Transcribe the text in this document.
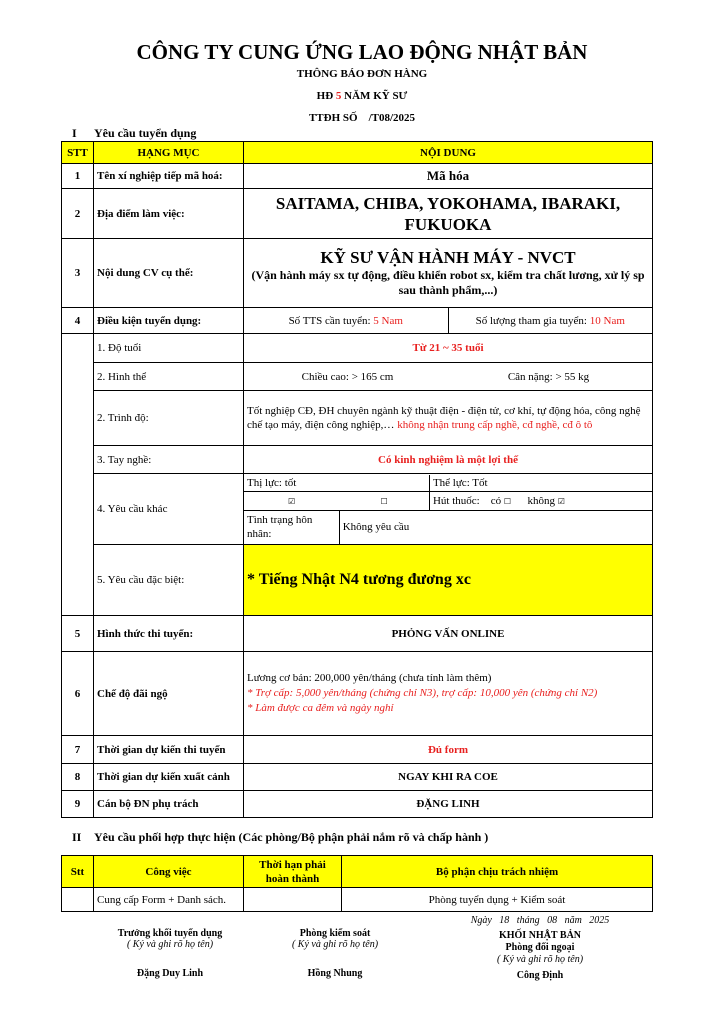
CÔNG TY CUNG ỨNG LAO ĐỘNG NHẬT BẢN
THÔNG BÁO ĐƠN HÀNG
HĐ 5 NĂM KỸ SƯ
TTĐH SỐ    /T08/2025
I Yêu cầu tuyển dụng
STT	HẠNG MỤC	NỘI DUNG
1	Tên xí nghiệp tiếp mã hoá:	Mã hóa
2	Địa điểm làm việc:	SAITAMA, CHIBA, YOKOHAMA, IBARAKI, FUKUOKA
3	Nội dung CV cụ thể:	
KỸ SƯ VẬN HÀNH MÁY - NVCT
(Vận hành máy sx tự động, điều khiển robot sx, kiểm tra chất lương, xử lý sp sau thành phẩm,...)

4	Điều kiện tuyển dụng:		Số TTS cần tuyển: 5 Nam	Số lượng tham gia tuyển: 10 Nam

	1. Độ tuổi	Từ 21 ~ 35 tuổi
2. Hình thể		Chiều cao: > 165 cm	Cân nặng: > 55 kg

2. Trình độ:	Tốt nghiệp CĐ, ĐH chuyên ngành kỹ thuật điện - điện tử, cơ khí, tự động hóa, công nghệ chế tạo máy, điện công nghiệp,… không nhận trung cấp nghề, cđ nghề, cđ ô tô
3. Tay nghề:	Có kinh nghiệm là một lợi thế
4. Yêu cầu khác	
Thị lực: tốt	Thể lực: Tốt
☑	☐	Hút thuốc: có ☐ không ☑
Tình trạng hôn nhân:	Không yêu cầu

5. Yêu cầu đặc biệt:	* Tiếng Nhật N4 tương đương xc
5	Hình thức thi tuyển:	PHỎNG VẤN ONLINE
6	Chế độ đãi ngộ	
Lương cơ bản: 200,000 yên/tháng (chưa tính làm thêm)
* Trợ cấp: 5,000 yên/tháng (chứng chỉ N3), trợ cấp: 10,000 yên (chứng chỉ N2)
* Làm được ca đêm và ngày nghỉ

7	Thời gian dự kiến thi tuyển	Đủ form
8	Thời gian dự kiến xuất cảnh	NGAY KHI RA COE
9	Cán bộ ĐN phụ trách	ĐẶNG LINH
II Yêu cầu phối hợp thực hiện (Các phòng/Bộ phận phải nắm rõ và chấp hành )
Stt	Công việc	Thời hạn phải hoàn thành	Bộ phận chịu trách nhiệm
	Cung cấp Form + Danh sách.		Phòng tuyển dụng + Kiểm soát
Ngày   18   tháng   08   năm   2025
Trưởng khối tuyển dụng
( Ký và ghi rõ họ tên)
Đặng Duy Linh
Phòng kiểm soát
( Ký và ghi rõ họ tên)
Hồng Nhung
KHỐI NHẬT BẢN
Phòng đối ngoại
( Ký và ghi rõ họ tên)
Công Định
